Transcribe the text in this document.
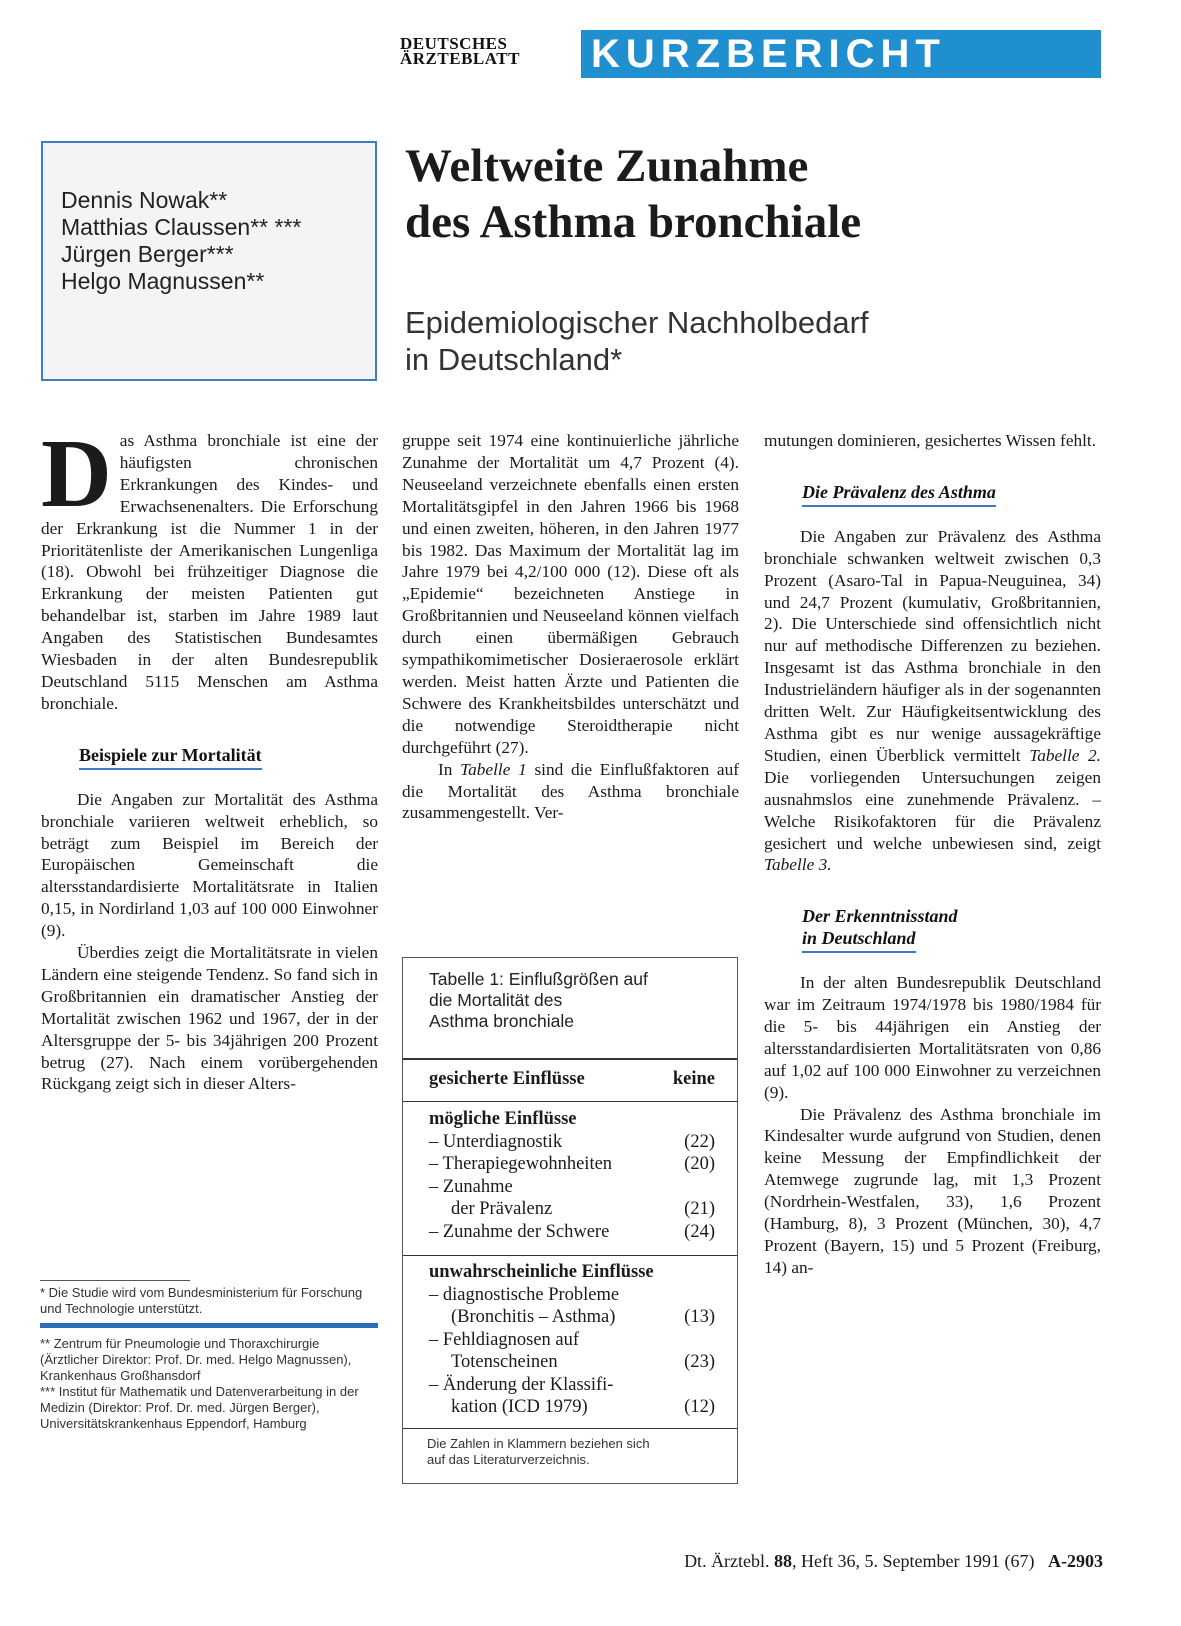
DEUTSCHES
ÄRZTEBLATT KURZBERICHT
Dennis Nowak**
Matthias Claussen** ***
Jürgen Berger***
Helgo Magnussen**
Weltweite Zunahme
des Asthma bronchiale
Epidemiologischer Nachholbedarf
in Deutschland*

Das Asthma bronchiale ist eine der häufigsten chronischen Erkrankungen des Kindes- und Erwachsenenalters. Die Erforschung der Erkrankung ist die Nummer 1 in der Prioritätenliste der Amerikanischen Lungenliga (18). Obwohl bei frühzeitiger Diagnose die Erkrankung der meisten Patienten gut behandelbar ist, starben im Jahre 1989 laut Angaben des Statistischen Bundesamtes Wiesbaden in der alten Bundesrepublik Deutschland 5115 Menschen am Asthma bronchiale.

Beispiele zur Mortalität

Die Angaben zur Mortalität des Asthma bronchiale variieren weltweit erheblich, so beträgt zum Beispiel im Bereich der Europäischen Gemeinschaft die altersstandardisierte Mortalitätsrate in Italien 0,15, in Nordirland 1,03 auf 100 000 Einwohner (9).

Überdies zeigt die Mortalitätsrate in vielen Ländern eine steigende Tendenz. So fand sich in Großbritannien ein dramatischer Anstieg der Mortalität zwischen 1962 und 1967, der in der Altersgruppe der 5- bis 34jährigen 200 Prozent betrug (27). Nach einem vorübergehenden Rückgang zeigt sich in dieser Alters-

* Die Studie wird vom Bundesministerium für Forschung und Technologie unterstützt.
** Zentrum für Pneumologie und Thoraxchirurgie (Ärztlicher Direktor: Prof. Dr. med. Helgo Magnussen), Krankenhaus Großhansdorf
*** Institut für Mathematik und Datenverarbeitung in der Medizin (Direktor: Prof. Dr. med. Jürgen Berger), Universitätskrankenhaus Eppendorf, Hamburg

gruppe seit 1974 eine kontinuierliche jährliche Zunahme der Mortalität um 4,7 Prozent (4). Neuseeland verzeichnete ebenfalls einen ersten Mortalitätsgipfel in den Jahren 1966 bis 1968 und einen zweiten, höheren, in den Jahren 1977 bis 1982. Das Maximum der Mortalität lag im Jahre 1979 bei 4,2/100 000 (12). Diese oft als „Epidemie“ bezeichneten Anstiege in Großbritannien und Neuseeland können vielfach durch einen übermäßigen Gebrauch sympathikomimetischer Dosieraerosole erklärt werden. Meist hatten Ärzte und Patienten die Schwere des Krankheitsbildes unterschätzt und die notwendige Steroidtherapie nicht durchgeführt (27).

In Tabelle 1 sind die Einflußfaktoren auf die Mortalität des Asthma bronchiale zusammengestellt. Ver-

Tabelle 1: Einflußgrößen auf
die Mortalität des
Asthma bronchiale
gesicherte Einflüsse	keine
mögliche Einflüsse
– Unterdiagnostik	(22)
– Therapiegewohnheiten	(20)
– Zunahme
der Prävalenz	(21)
– Zunahme der Schwere	(24)
unwahrscheinliche Einflüsse
– diagnostische Probleme
(Bronchitis – Asthma)	(13)
– Fehldiagnosen auf
Totenscheinen	(23)
– Änderung der Klassifi-
kation (ICD 1979)	(12)
Die Zahlen in Klammern beziehen sich
auf das Literaturverzeichnis.

mutungen dominieren, gesichertes Wissen fehlt.

Die Prävalenz des Asthma

Die Angaben zur Prävalenz des Asthma bronchiale schwanken weltweit zwischen 0,3 Prozent (Asaro-Tal in Papua-Neuguinea, 34) und 24,7 Prozent (kumulativ, Großbritannien, 2). Die Unterschiede sind offensichtlich nicht nur auf methodische Differenzen zu beziehen. Insgesamt ist das Asthma bronchiale in den Industrieländern häufiger als in der sogenannten dritten Welt. Zur Häufigkeitsentwicklung des Asthma gibt es nur wenige aussagekräftige Studien, einen Überblick vermittelt Tabelle 2. Die vorliegenden Untersuchungen zeigen ausnahmslos eine zunehmende Prävalenz. – Welche Risikofaktoren für die Prävalenz gesichert und welche unbewiesen sind, zeigt Tabelle 3.

Der Erkenntnisstand
in Deutschland

In der alten Bundesrepublik Deutschland war im Zeitraum 1974/1978 bis 1980/1984 für die 5- bis 44jährigen ein Anstieg der altersstandardisierten Mortalitätsraten von 0,86 auf 1,02 auf 100 000 Einwohner zu verzeichnen (9).

Die Prävalenz des Asthma bronchiale im Kindesalter wurde aufgrund von Studien, denen keine Messung der Empfindlichkeit der Atemwege zugrunde lag, mit 1,3 Prozent (Nordrhein-Westfalen, 33), 1,6 Prozent (Hamburg, 8), 3 Prozent (München, 30), 4,7 Prozent (Bayern, 15) und 5 Prozent (Freiburg, 14) an-

Dt. Ärztebl. 88, Heft 36, 5. September 1991 (67) A-2903
